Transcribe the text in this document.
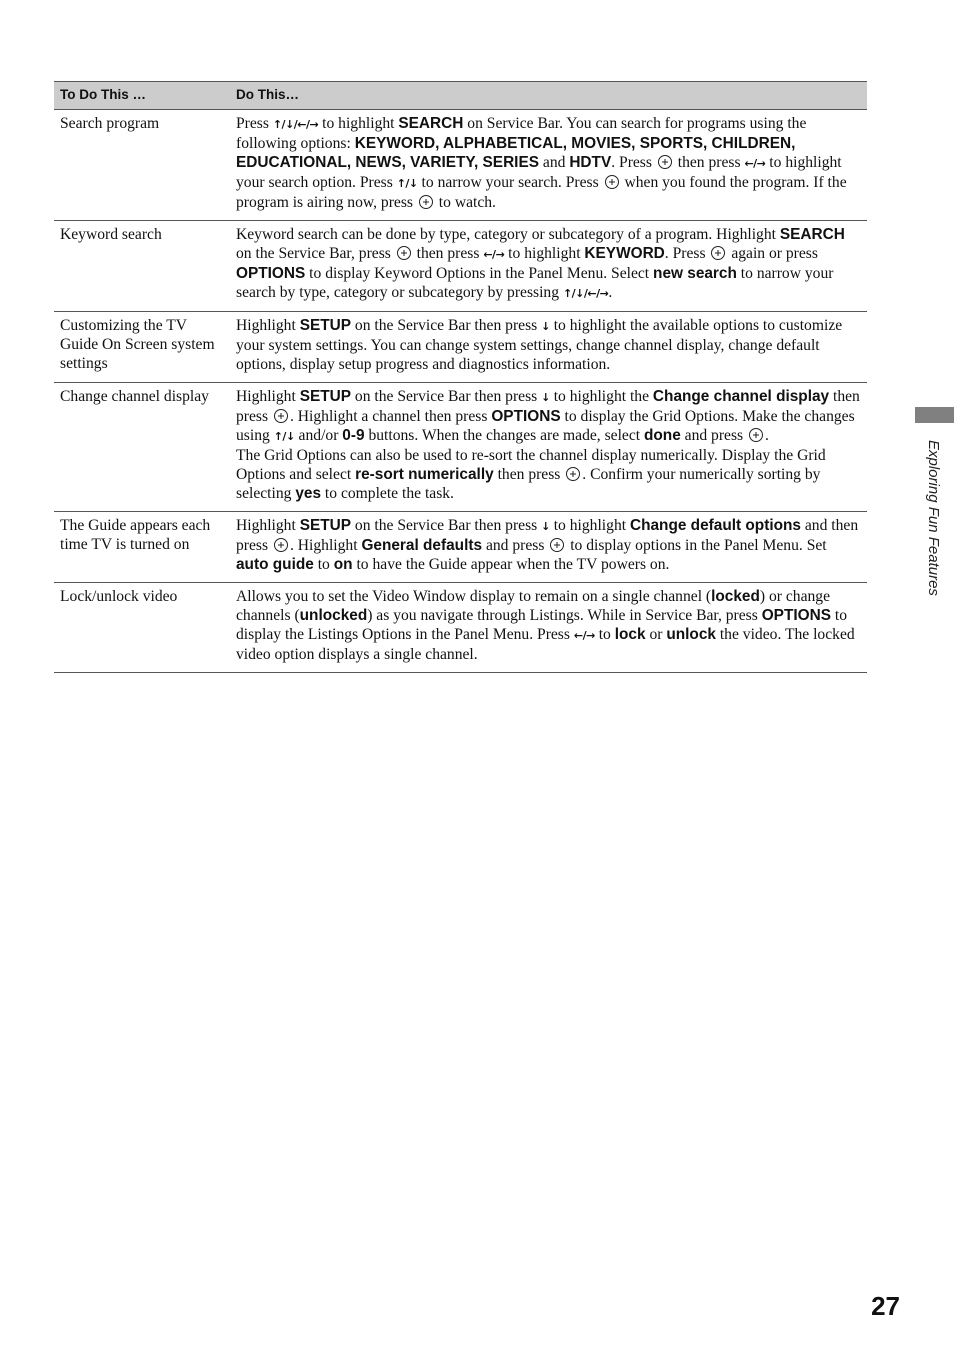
To Do This …	Do This…
Search program	Press ↑/↓/←/→ to highlight SEARCH on Service Bar. You can search for programs using the following options: KEYWORD, ALPHABETICAL, MOVIES, SPORTS, CHILDREN, EDUCATIONAL, NEWS, VARIETY, SERIES and HDTV. Press  then press ←/→ to highlight your search option. Press ↑/↓ to narrow your search. Press  when you found the program. If the program is airing now, press  to watch.
Keyword search	Keyword search can be done by type, category or subcategory of a program. Highlight SEARCH on the Service Bar, press  then press ←/→ to highlight KEYWORD. Press  again or press OPTIONS to display Keyword Options in the Panel Menu. Select new search to narrow your search by type, category or subcategory by pressing ↑/↓/←/→.
Customizing the TV Guide On Screen system settings	Highlight SETUP on the Service Bar then press ↓ to highlight the available options to customize your system settings. You can change system settings, change channel display, change default options, display setup progress and diagnostics information.
Change channel display	Highlight SETUP on the Service Bar then press ↓ to highlight the Change channel display then press . Highlight a channel then press OPTIONS to display the Grid Options. Make the changes using ↑/↓ and/or 0-9 buttons. When the changes are made, select done and press .
The Grid Options can also be used to re-sort the channel display numerically. Display the Grid Options and select re-sort numerically then press . Confirm your numerically sorting by selecting yes to complete the task.
The Guide appears each time TV is turned on	Highlight SETUP on the Service Bar then press ↓ to highlight Change default options and then press . Highlight General defaults and press  to display options in the Panel Menu. Set auto guide to on to have the Guide appear when the TV powers on.
Lock/unlock video	Allows you to set the Video Window display to remain on a single channel (locked) or change channels (unlocked) as you navigate through Listings. While in Service Bar, press OPTIONS to display the Listings Options in the Panel Menu. Press ←/→ to lock or unlock the video. The locked video option displays a single channel.
Exploring Fun Features
27
